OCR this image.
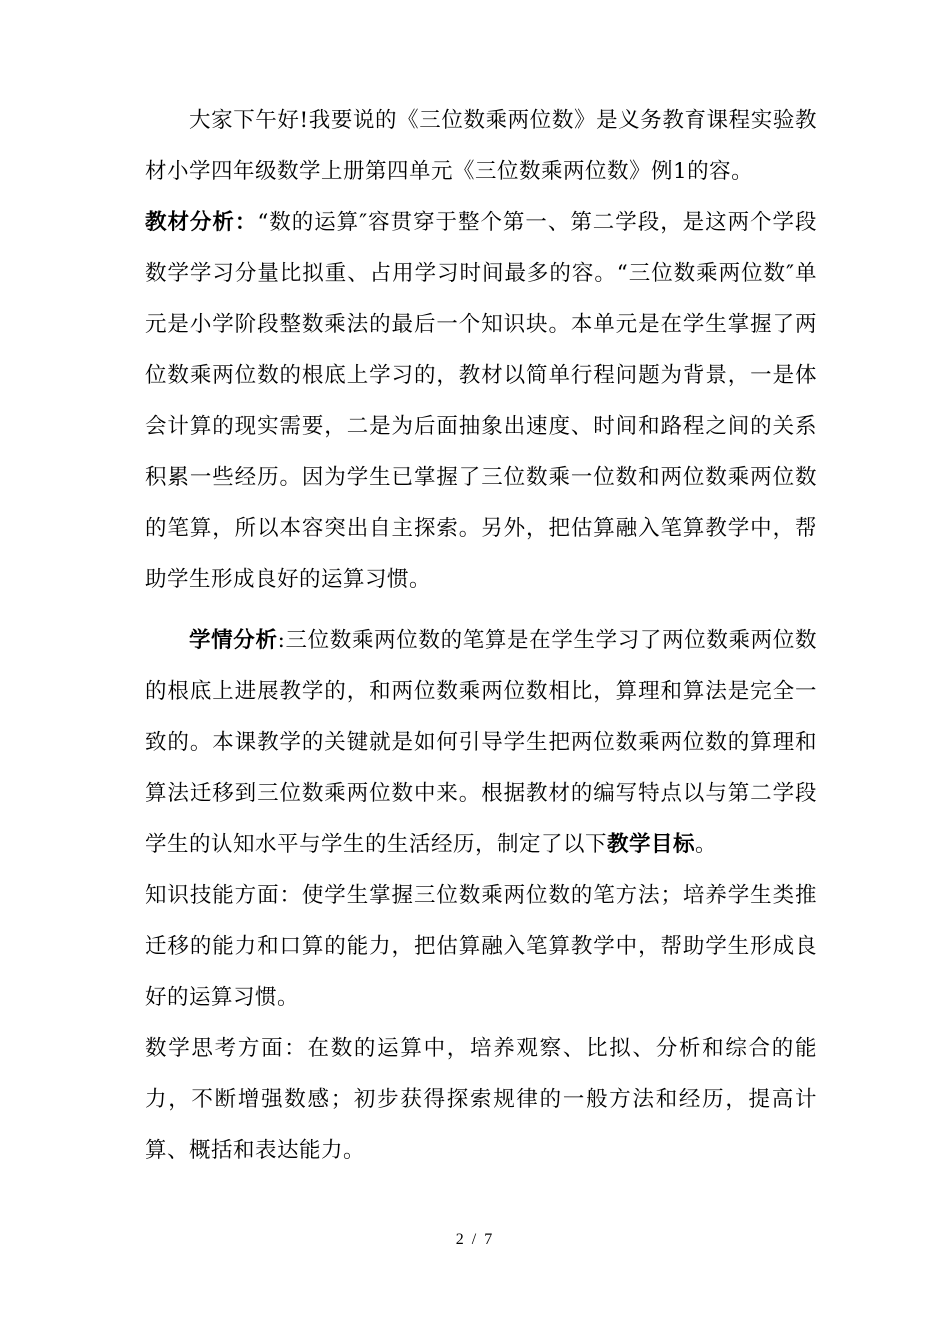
大家下午好!我要说的《三位数乘两位数》是义务教育课程实验教材小学四年级数学上册第四单元《三位数乘两位数》例1的容。

教材分析：“数的运算″容贯穿于整个第一、第二学段，是这两个学段数学学习分量比拟重、占用学习时间最多的容。“三位数乘两位数″单元是小学阶段整数乘法的最后一个知识块。本单元是在学生掌握了两位数乘两位数的根底上学习的，教材以简单行程问题为背景，一是体会计算的现实需要，二是为后面抽象出速度、时间和路程之间的关系积累一些经历。因为学生已掌握了三位数乘一位数和两位数乘两位数的笔算，所以本容突出自主探索。另外，把估算融入笔算教学中，帮助学生形成良好的运算习惯。

学情分析:三位数乘两位数的笔算是在学生学习了两位数乘两位数的根底上进展教学的，和两位数乘两位数相比，算理和算法是完全一致的。本课教学的关键就是如何引导学生把两位数乘两位数的算理和算法迁移到三位数乘两位数中来。根据教材的编写特点以与第二学段学生的认知水平与学生的生活经历，制定了以下教学目标。

知识技能方面：使学生掌握三位数乘两位数的笔方法；培养学生类推迁移的能力和口算的能力，把估算融入笔算教学中，帮助学生形成良好的运算习惯。

数学思考方面：在数的运算中，培养观察、比拟、分析和综合的能力，不断增强数感；初步获得探索规律的一般方法和经历，提高计算、概括和表达能力。

2 / 7
